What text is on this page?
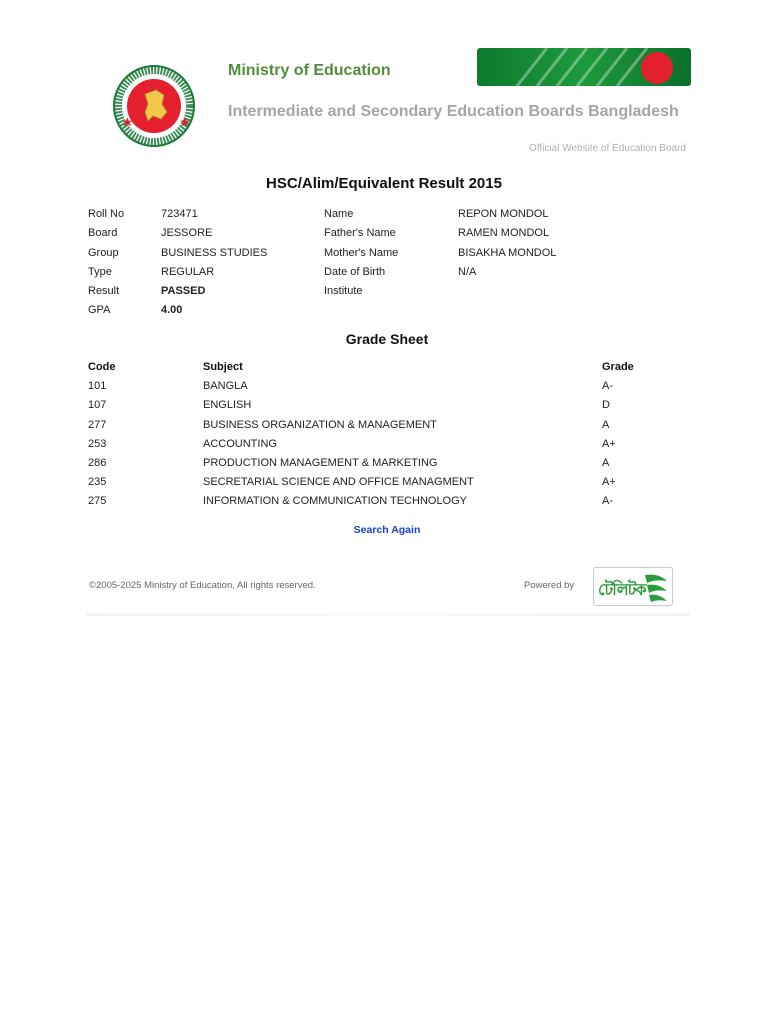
Ministry of Education
Intermediate and Secondary Education Boards Bangladesh
Official Website of Education Board
HSC/Alim/Equivalent Result 2015
Roll No	723471	Name	REPON MONDOL
Board	JESSORE	Father's Name	RAMEN MONDOL
Group	BUSINESS STUDIES	Mother's Name	BISAKHA MONDOL
Type	REGULAR	Date of Birth	N/A
Result	PASSED	Institute
GPA	4.00
Grade Sheet
Code	Subject	Grade
101	BANGLA	A-
107	ENGLISH	D
277	BUSINESS ORGANIZATION & MANAGEMENT	A
253	ACCOUNTING	A+
286	PRODUCTION MANAGEMENT & MARKETING	A
235	SECRETARIAL SCIENCE AND OFFICE MANAGMENT	A+
275	INFORMATION & COMMUNICATION TECHNOLOGY	A-
Search Again
©2005-2025 Ministry of Education, All rights reserved.	Powered by টেলিটক
